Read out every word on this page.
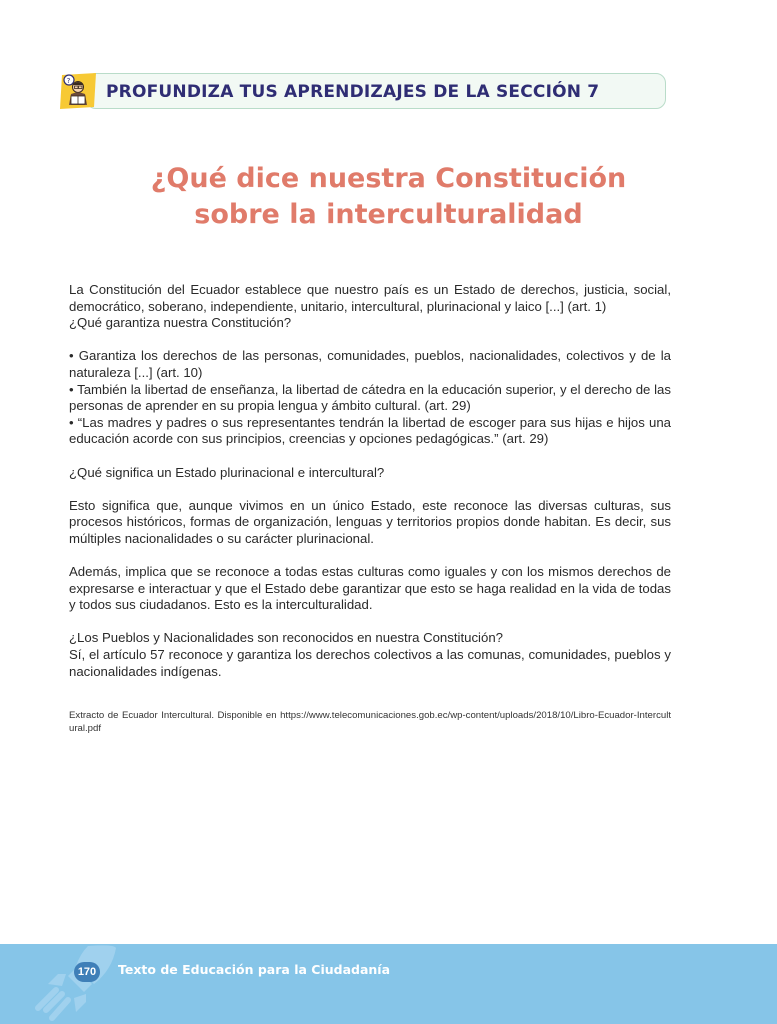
?
PROFUNDIZA TUS APRENDIZAJES DE LA SECCIÓN 7
¿Qué dice nuestra Constitución
sobre la interculturalidad

La Constitución del Ecuador establece que nuestro país es un Estado de derechos, justicia, social, democrático, soberano, independiente, unitario, intercultural, plurinacional y laico [...] (art. 1)

¿Qué garantiza nuestra Constitución?

• Garantiza los derechos de las personas, comunidades, pueblos, nacionalidades, colectivos y de la naturaleza [...] (art. 10)

• También la libertad de enseñanza, la libertad de cátedra en la educación superior, y el derecho de las personas de aprender en su propia lengua y ámbito cultural. (art. 29)

• “Las madres y padres o sus representantes tendrán la libertad de escoger para sus hijas e hijos una educación acorde con sus principios, creencias y opciones pedagógicas.” (art. 29)

¿Qué significa un Estado plurinacional e intercultural?

Esto significa que, aunque vivimos en un único Estado, este reconoce las diversas culturas, sus procesos históricos, formas de organización, lenguas y territorios propios donde habitan. Es decir, sus múltiples nacionalidades o su carácter plurinacional.

Además, implica que se reconoce a todas estas culturas como iguales y con los mismos derechos de expresarse e interactuar y que el Estado debe garantizar que esto se haga realidad en la vida de todas y todos sus ciudadanos. Esto es la interculturalidad.

¿Los Pueblos y Nacionalidades son reconocidos en nuestra Constitución?

Sí, el artículo 57 reconoce y garantiza los derechos colectivos a las comunas, comunidades, pueblos y nacionalidades indígenas.

Extracto de Ecuador Intercultural. Disponible en https://www.telecomunicaciones.gob.ec/wp-content/uploads/2018/10/Libro-Ecuador-Intercultural.pdf
170	Texto de Educación para la Ciudadanía
